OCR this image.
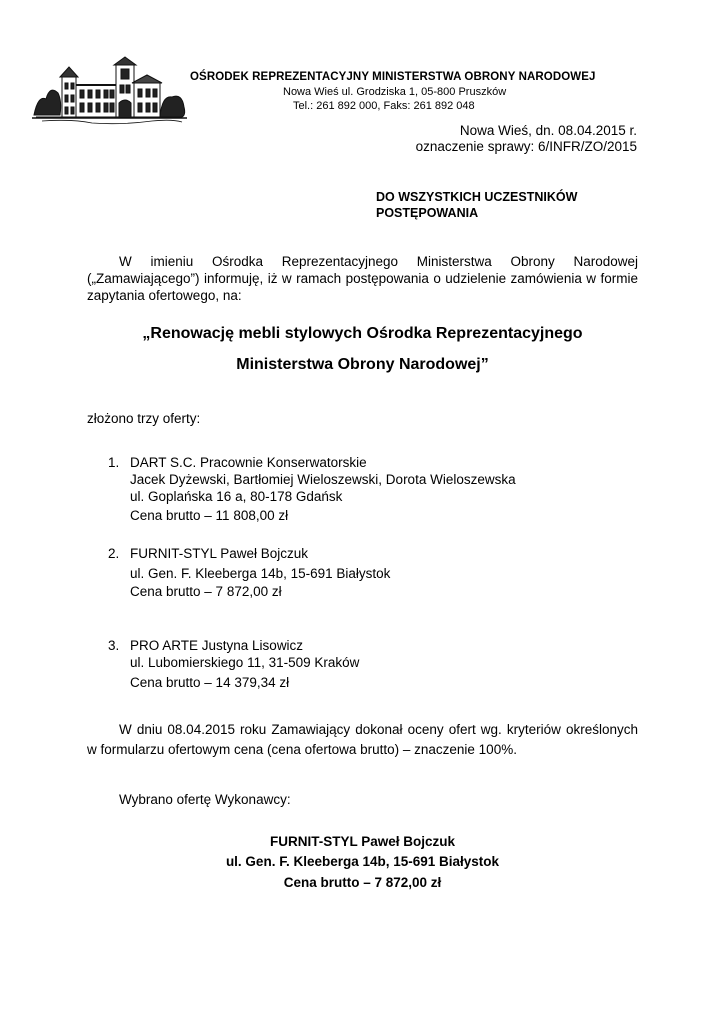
OŚRODEK REPREZENTACYJNY MINISTERSTWA OBRONY NARODOWEJ
Nowa Wieś ul. Grodziska 1, 05-800 Pruszków
Tel.: 261 892 000, Faks: 261 892 048
Nowa Wieś, dn. 08.04.2015 r.
oznaczenie sprawy: 6/INFR/ZO/2015
DO WSZYSTKICH UCZESTNIKÓW
POSTĘPOWANIA
W imieniu Ośrodka Reprezentacyjnego Ministerstwa Obrony Narodowej („Zamawiającego”) informuję, iż w ramach postępowania o udzielenie zamówienia w formie zapytania ofertowego, na:
„Renowację mebli stylowych Ośrodka Reprezentacyjnego
Ministerstwa Obrony Narodowej”
złożono trzy oferty:
1. DART S.C. Pracownie Konserwatorskie
Jacek Dyżewski, Bartłomiej Wieloszewski, Dorota Wieloszewska
ul. Goplańska 16 a, 80-178 Gdańsk
Cena brutto – 11 808,00 zł
2. FURNIT-STYL Paweł Bojczuk
ul. Gen. F. Kleeberga 14b, 15-691 Białystok
Cena brutto – 7 872,00 zł
3. PRO ARTE Justyna Lisowicz
ul. Lubomierskiego 11, 31-509 Kraków
Cena brutto – 14 379,34 zł
W dniu 08.04.2015 roku Zamawiający dokonał oceny ofert wg. kryteriów określonych w formularzu ofertowym cena (cena ofertowa brutto) – znaczenie 100%.
Wybrano ofertę Wykonawcy:
FURNIT-STYL Paweł Bojczuk
ul. Gen. F. Kleeberga 14b, 15-691 Białystok
Cena brutto – 7 872,00 zł
